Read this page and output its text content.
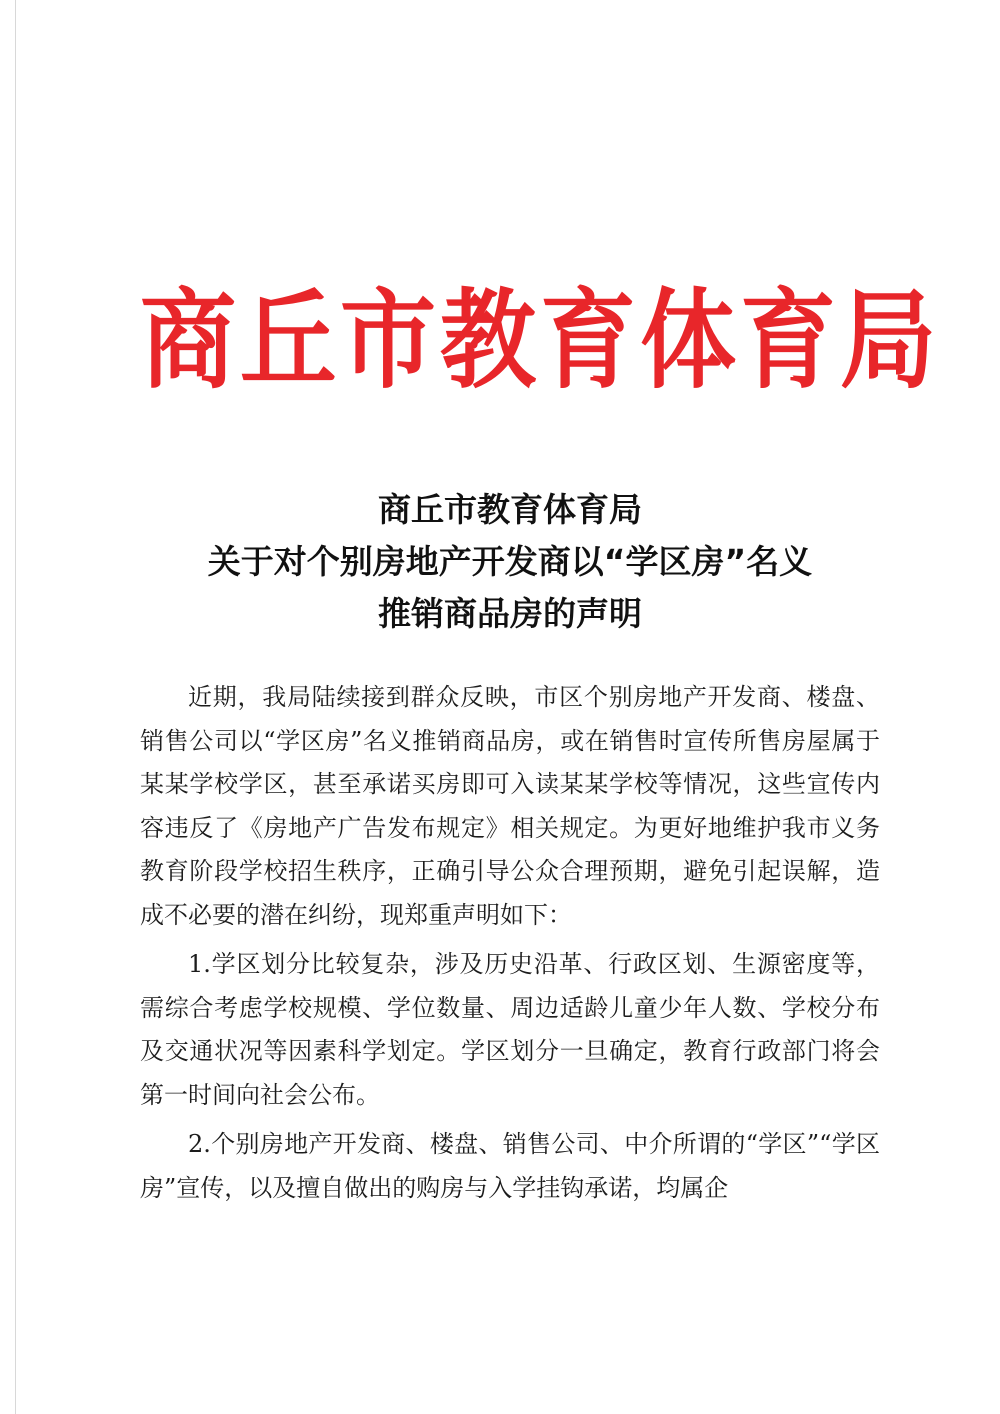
商丘市教育体育局
商丘市教育体育局
关于对个别房地产开发商以“学区房”名义
推销商品房的声明

近期，我局陆续接到群众反映，市区个别房地产开发商、楼盘、销售公司以“学区房”名义推销商品房，或在销售时宣传所售房屋属于某某学校学区，甚至承诺买房即可入读某某学校等情况，这些宣传内容违反了《房地产广告发布规定》相关规定。为更好地维护我市义务教育阶段学校招生秩序，正确引导公众合理预期，避免引起误解，造成不必要的潜在纠纷，现郑重声明如下：

1.学区划分比较复杂，涉及历史沿革、行政区划、生源密度等，需综合考虑学校规模、学位数量、周边适龄儿童少年人数、学校分布及交通状况等因素科学划定。学区划分一旦确定，教育行政部门将会第一时间向社会公布。

2.个别房地产开发商、楼盘、销售公司、中介所谓的“学区”“学区房”宣传，以及擅自做出的购房与入学挂钩承诺，均属企
